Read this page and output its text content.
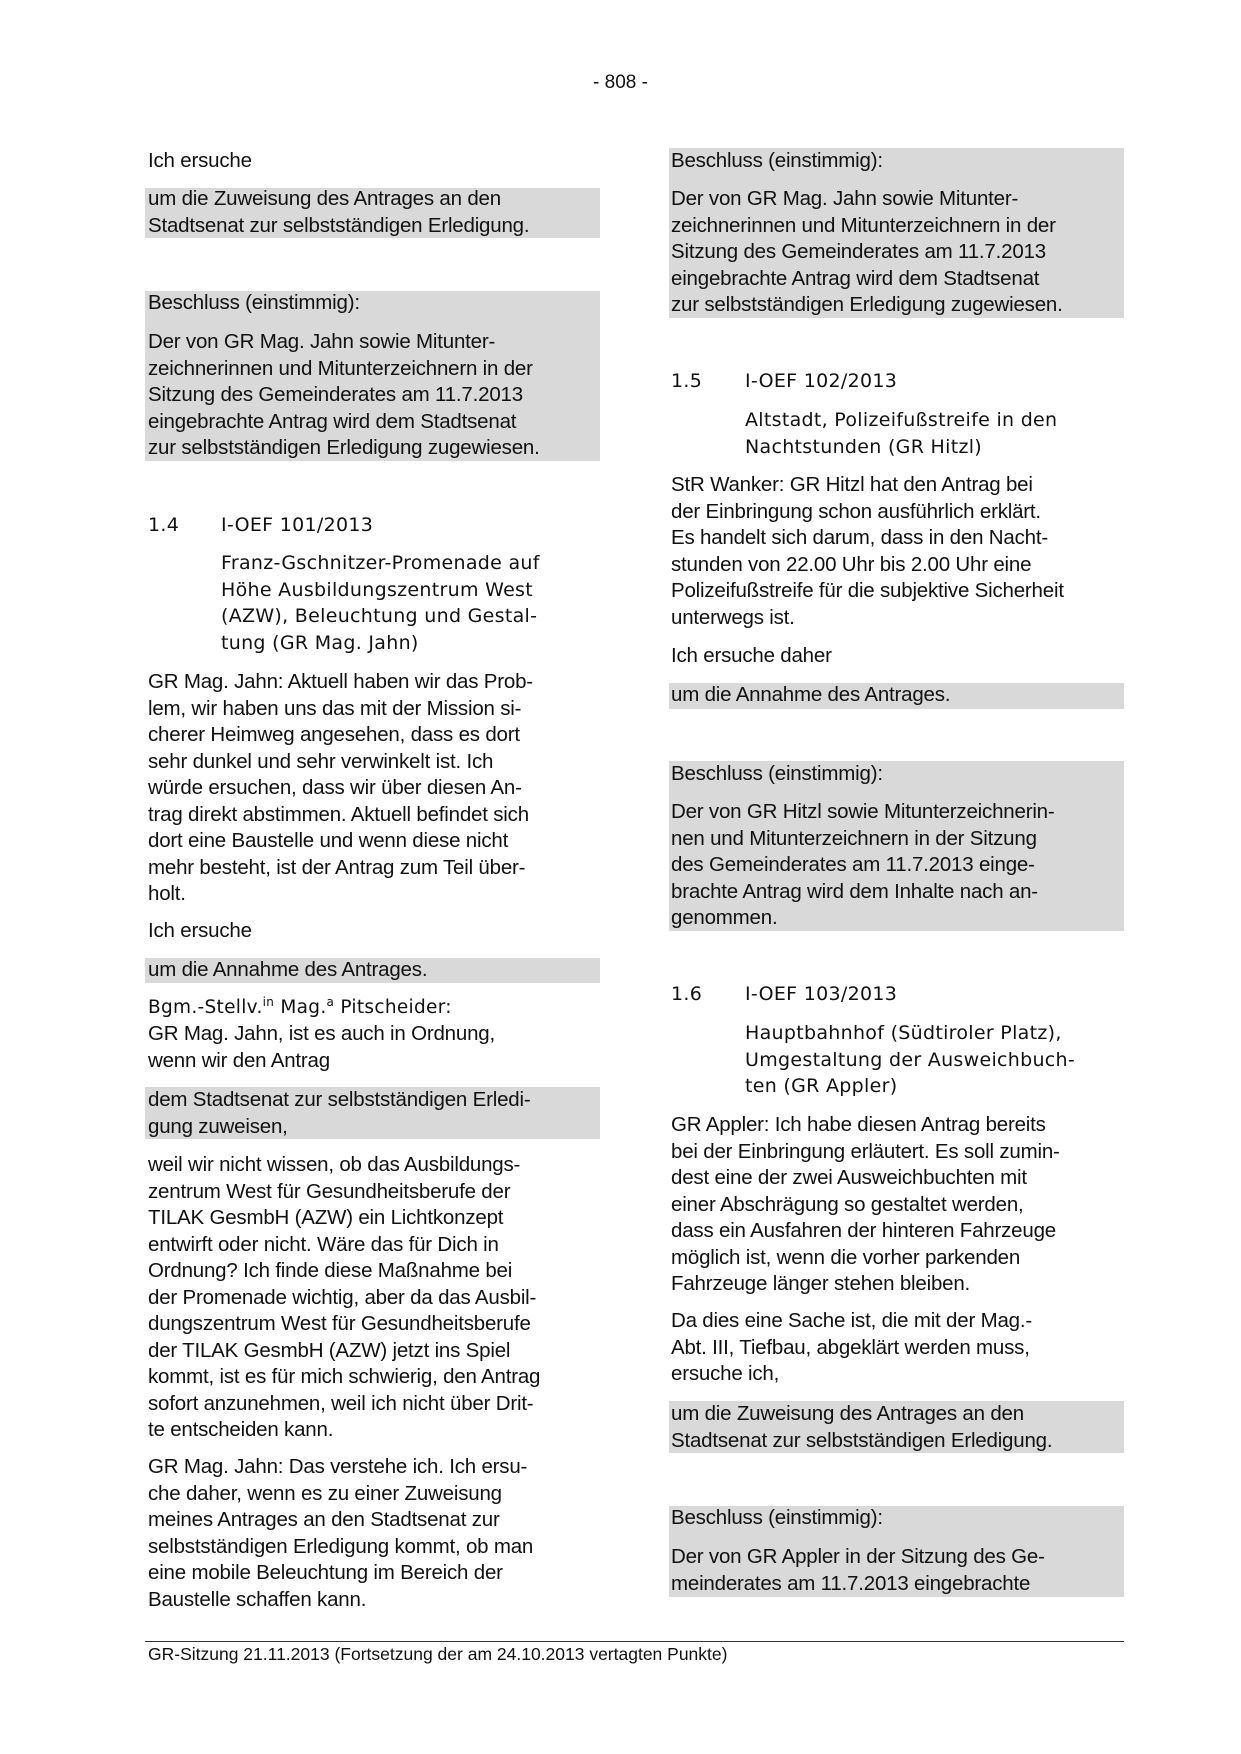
- 808 -
Ich ersuche
um die Zuweisung des Antrages an den
Stadtsenat zur selbstständigen Erledigung.
Beschluss (einstimmig):
Der von GR Mag. Jahn sowie Mitunter-
zeichnerinnen und Mitunterzeichnern in der
Sitzung des Gemeinderates am 11.7.2013
eingebrachte Antrag wird dem Stadtsenat
zur selbstständigen Erledigung zugewiesen.
1.4 I-OEF 101/2013
Franz-Gschnitzer-Promenade auf
Höhe Ausbildungszentrum West
(AZW), Beleuchtung und Gestal-
tung (GR Mag. Jahn)
GR Mag. Jahn: Aktuell haben wir das Prob-
lem, wir haben uns das mit der Mission si-
cherer Heimweg angesehen, dass es dort
sehr dunkel und sehr verwinkelt ist. Ich
würde ersuchen, dass wir über diesen An-
trag direkt abstimmen. Aktuell befindet sich
dort eine Baustelle und wenn diese nicht
mehr besteht, ist der Antrag zum Teil über-
holt.
Ich ersuche
um die Annahme des Antrages.
Bgm.-Stellv.$^{in}$ Mag.$^a$ Pitscheider:
GR Mag. Jahn, ist es auch in Ordnung,
wenn wir den Antrag
dem Stadtsenat zur selbstständigen Erledi-
gung zuweisen,
weil wir nicht wissen, ob das Ausbildungs-
zentrum West für Gesundheitsberufe der
TILAK GesmbH (AZW) ein Lichtkonzept
entwirft oder nicht. Wäre das für Dich in
Ordnung? Ich finde diese Maßnahme bei
der Promenade wichtig, aber da das Ausbil-
dungszentrum West für Gesundheitsberufe
der TILAK GesmbH (AZW) jetzt ins Spiel
kommt, ist es für mich schwierig, den Antrag
sofort anzunehmen, weil ich nicht über Drit-
te entscheiden kann.
GR Mag. Jahn: Das verstehe ich. Ich ersu-
che daher, wenn es zu einer Zuweisung
meines Antrages an den Stadtsenat zur
selbstständigen Erledigung kommt, ob man
eine mobile Beleuchtung im Bereich der
Baustelle schaffen kann.
Beschluss (einstimmig):
Der von GR Mag. Jahn sowie Mitunter-
zeichnerinnen und Mitunterzeichnern in der
Sitzung des Gemeinderates am 11.7.2013
eingebrachte Antrag wird dem Stadtsenat
zur selbstständigen Erledigung zugewiesen.
1.5 I-OEF 102/2013
Altstadt, Polizeifußstreife in den
Nachtstunden (GR Hitzl)
StR Wanker: GR Hitzl hat den Antrag bei
der Einbringung schon ausführlich erklärt.
Es handelt sich darum, dass in den Nacht-
stunden von 22.00 Uhr bis 2.00 Uhr eine
Polizeifußstreife für die subjektive Sicherheit
unterwegs ist.
Ich ersuche daher
um die Annahme des Antrages.
Beschluss (einstimmig):
Der von GR Hitzl sowie Mitunterzeichnerin-
nen und Mitunterzeichnern in der Sitzung
des Gemeinderates am 11.7.2013 einge-
brachte Antrag wird dem Inhalte nach an-
genommen.
1.6 I-OEF 103/2013
Hauptbahnhof (Südtiroler Platz),
Umgestaltung der Ausweichbuch-
ten (GR Appler)
GR Appler: Ich habe diesen Antrag bereits
bei der Einbringung erläutert. Es soll zumin-
dest eine der zwei Ausweichbuchten mit
einer Abschrägung so gestaltet werden,
dass ein Ausfahren der hinteren Fahrzeuge
möglich ist, wenn die vorher parkenden
Fahrzeuge länger stehen bleiben.
Da dies eine Sache ist, die mit der Mag.-
Abt. III, Tiefbau, abgeklärt werden muss,
ersuche ich,
um die Zuweisung des Antrages an den
Stadtsenat zur selbstständigen Erledigung.
Beschluss (einstimmig):
Der von GR Appler in der Sitzung des Ge-
meinderates am 11.7.2013 eingebrachte
GR-Sitzung 21.11.2013 (Fortsetzung der am 24.10.2013 vertagten Punkte)
